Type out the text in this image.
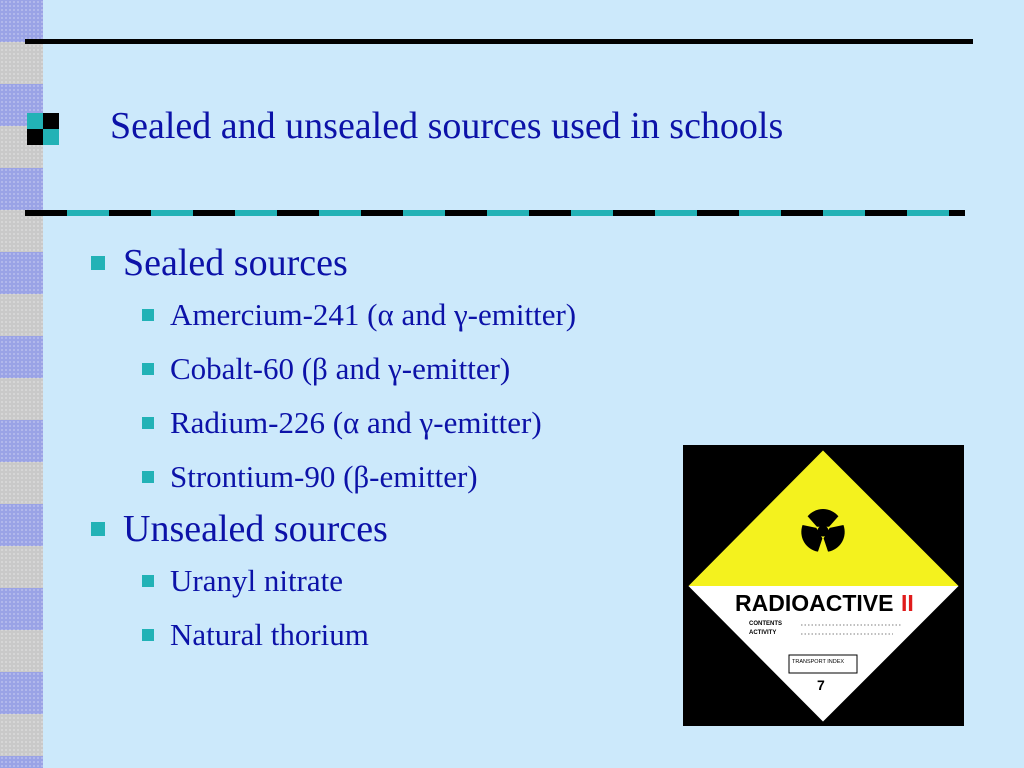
Sealed and unsealed sources used in schools
Sealed sources
Amercium-241 (α and γ-emitter)
Cobalt-60 (β and γ-emitter)
Radium-226 (α and γ-emitter)
Strontium-90 (β-emitter)
Unsealed sources
Uranyl nitrate
Natural thorium
RADIOACTIVE II
CONTENTS
ACTIVITY
TRANSPORT INDEX
7
